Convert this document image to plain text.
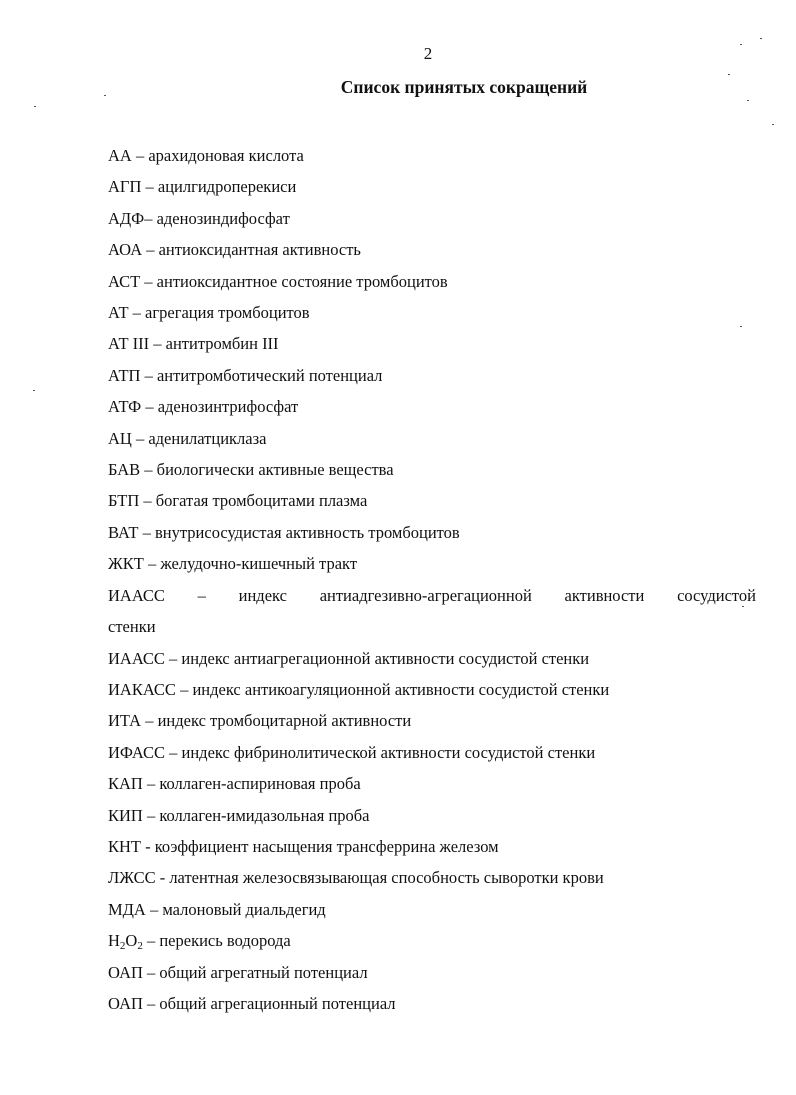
2
Список принятых сокращений
АА – арахидоновая кислота
АГП – ацилгидроперекиси
АДФ– аденозиндифосфат
АОА – антиоксидантная активность
АСТ – антиоксидантное состояние тромбоцитов
АТ – агрегация тромбоцитов
АТ III – антитромбин III
АТП – антитромботический потенциал
АТФ – аденозинтрифосфат
АЦ – аденилатциклаза
БАВ – биологически активные вещества
БТП – богатая тромбоцитами плазма
ВАТ – внутрисосудистая активность тромбоцитов
ЖКТ – желудочно-кишечный тракт
ИААСС – индекс антиадгезивно-агрегационной активности сосудистой
стенки
ИААСС – индекс антиагрегационной активности сосудистой стенки
ИАКАСС – индекс антикоагуляционной активности сосудистой стенки
ИТА – индекс тромбоцитарной активности
ИФАСС – индекс фибринолитической активности сосудистой стенки
КАП – коллаген-аспириновая проба
КИП – коллаген-имидазольная проба
КНТ - коэффициент насыщения трансферрина железом
ЛЖСС - латентная железосвязывающая способность сыворотки крови
МДА – малоновый диальдегид
$H_2O_2$ – перекись водорода
ОАП – общий агрегатный потенциал
ОАП – общий агрегационный потенциал
